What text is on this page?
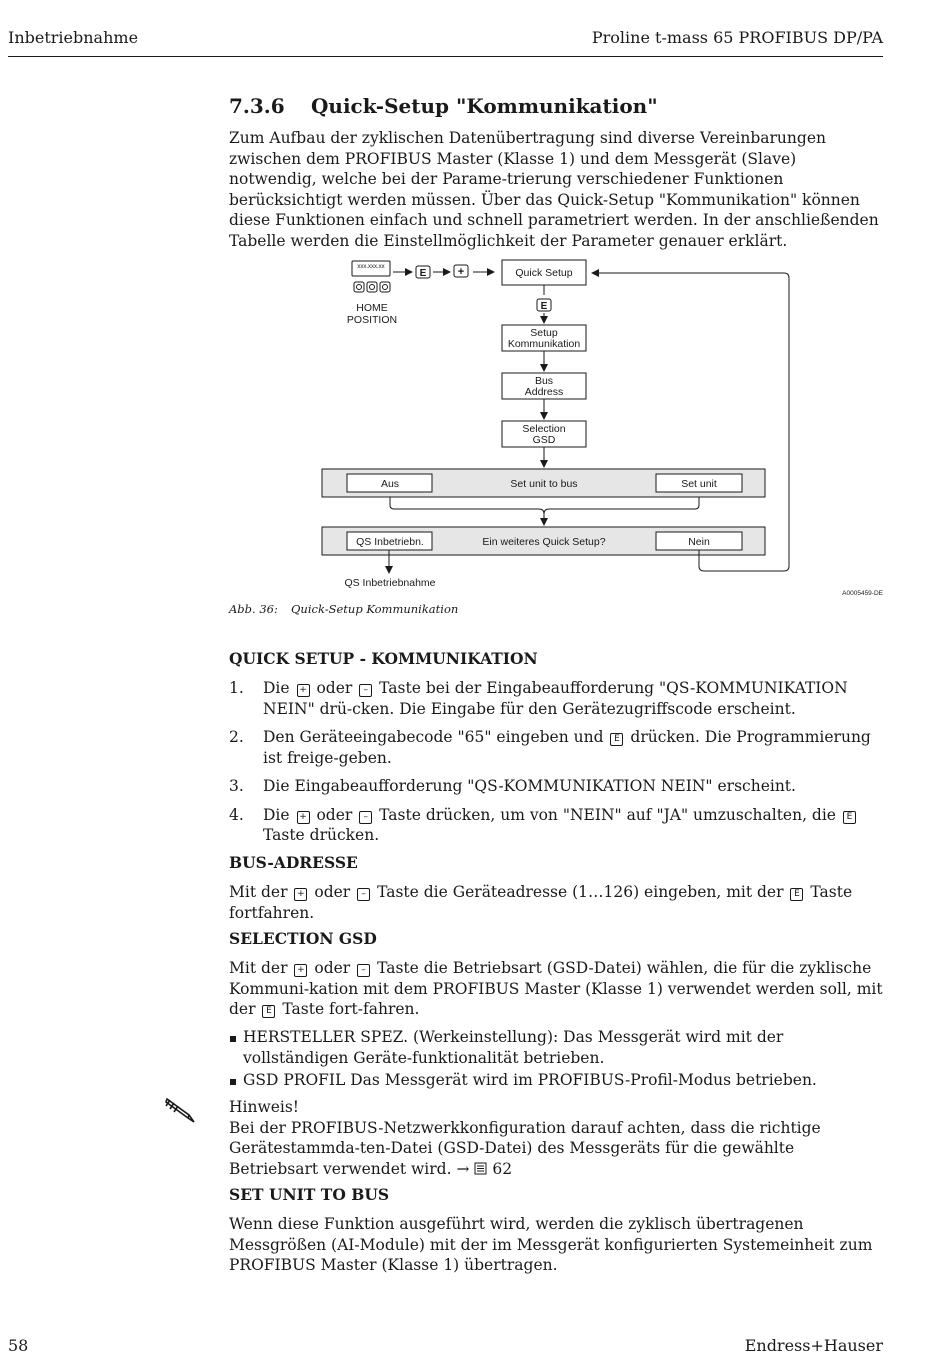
Inbetriebnahme	Proline t-mass 65 PROFIBUS DP/PA
7.3.6 Quick-Setup "Kommunikation"
Zum Aufbau der zyklischen Datenübertragung sind diverse Vereinbarungen zwischen dem PROFIBUS Master (Klasse 1) und dem Messgerät (Slave) notwendig, welche bei der Parame-trierung verschiedener Funktionen berücksichtigt werden müssen. Über das Quick-Setup "Kommunikation" können diese Funktionen einfach und schnell parametriert werden. In der anschließenden Tabelle werden die Einstellmöglichkeit der Parameter genauer erklärt.
xxx.xxx.xx
E	+
HOME
POSITION
Quick Setup
E
Setup
Kommunikation
Bus
Address
Selection
GSD
Aus	Set unit to bus	Set unit
QS Inbetriebn.	Ein weiteres Quick Setup?	Nein
QS Inbetriebnahme
A0005459-DE
Abb. 36: Quick-Setup Kommunikation
QUICK SETUP - KOMMUNIKATION
1. Die + oder – Taste bei der Eingabeaufforderung "QS-KOMMUNIKATION NEIN" drü-cken. Die Eingabe für den Gerätezugriffscode erscheint.
2. Den Geräteeingabecode "65" eingeben und E drücken. Die Programmierung ist freige-geben.
3. Die Eingabeaufforderung "QS-KOMMUNIKATION NEIN" erscheint.
4. Die + oder – Taste drücken, um von "NEIN" auf "JA" umzuschalten, die E Taste drücken.
BUS-ADRESSE
Mit der + oder – Taste die Geräteadresse (1…126) eingeben, mit der E Taste fortfahren.
SELECTION GSD
Mit der + oder – Taste die Betriebsart (GSD-Datei) wählen, die für die zyklische Kommuni-kation mit dem PROFIBUS Master (Klasse 1) verwendet werden soll, mit der E Taste fort-fahren.
HERSTELLER SPEZ. (Werkeinstellung): Das Messgerät wird mit der vollständigen Geräte-funktionalität betrieben.
GSD PROFIL Das Messgerät wird im PROFIBUS-Profil-Modus betrieben.
Hinweis!
Bei der PROFIBUS-Netzwerkkonfiguration darauf achten, dass die richtige Gerätestammda-ten-Datei (GSD-Datei) des Messgeräts für die gewählte Betriebsart verwendet wird. → 62
SET UNIT TO BUS
Wenn diese Funktion ausgeführt wird, werden die zyklisch übertragenen Messgrößen (AI-Module) mit der im Messgerät konfigurierten Systemeinheit zum PROFIBUS Master (Klasse 1) übertragen.
58	Endress+Hauser
